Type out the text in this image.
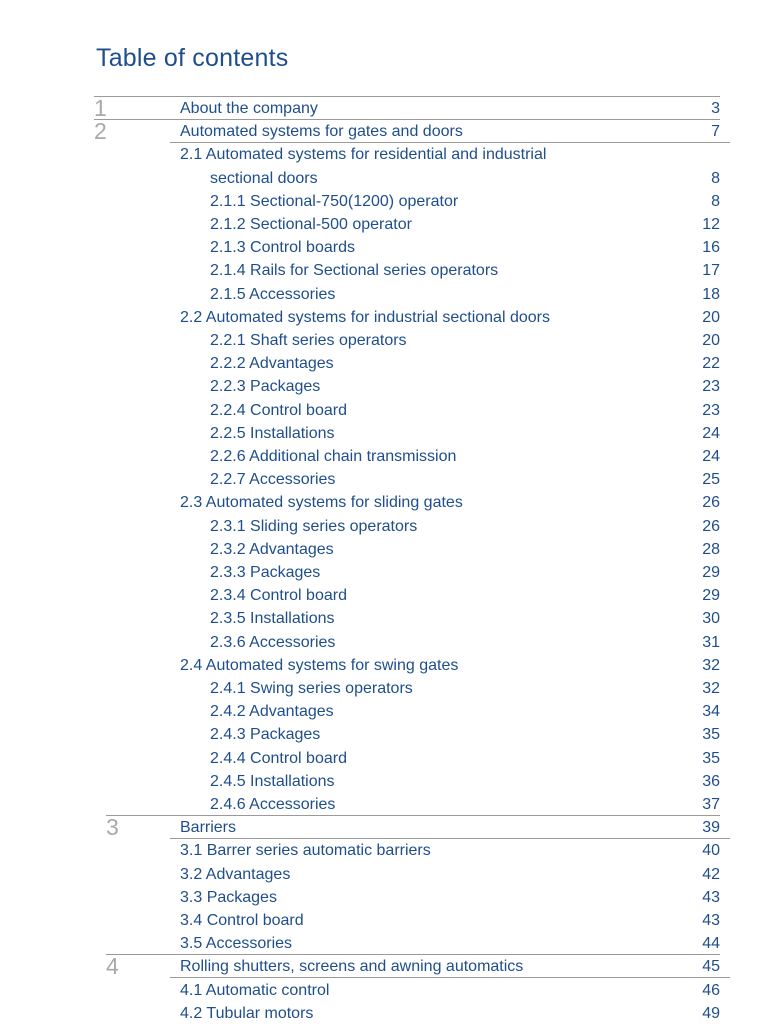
Table of contents
1	About the company	3
2	Automated systems for gates and doors	7
2.1 Automated systems for residential and industrial
sectional doors	8
2.1.1 Sectional-750(1200) operator	8
2.1.2 Sectional-500 operator	12
2.1.3 Control boards	16
2.1.4 Rails for Sectional series operators	17
2.1.5 Accessories	18
2.2 Automated systems for industrial sectional doors	20
2.2.1 Shaft series operators	20
2.2.2 Advantages	22
2.2.3 Packages	23
2.2.4 Control board	23
2.2.5 Installations	24
2.2.6 Additional chain transmission	24
2.2.7 Accessories	25
2.3 Automated systems for sliding gates	26
2.3.1 Sliding series operators	26
2.3.2 Advantages	28
2.3.3 Packages	29
2.3.4 Control board	29
2.3.5 Installations	30
2.3.6 Accessories	31
2.4 Automated systems for swing gates	32
2.4.1 Swing series operators	32
2.4.2 Advantages	34
2.4.3 Packages	35
2.4.4 Control board	35
2.4.5 Installations	36
2.4.6 Accessories	37
3	Barriers	39
3.1 Barrer series automatic barriers	40
3.2 Advantages	42
3.3 Packages	43
3.4 Control board	43
3.5 Accessories	44
4	Rolling shutters, screens and awning automatics	45
4.1 Automatic control	46
4.2 Tubular motors	49
